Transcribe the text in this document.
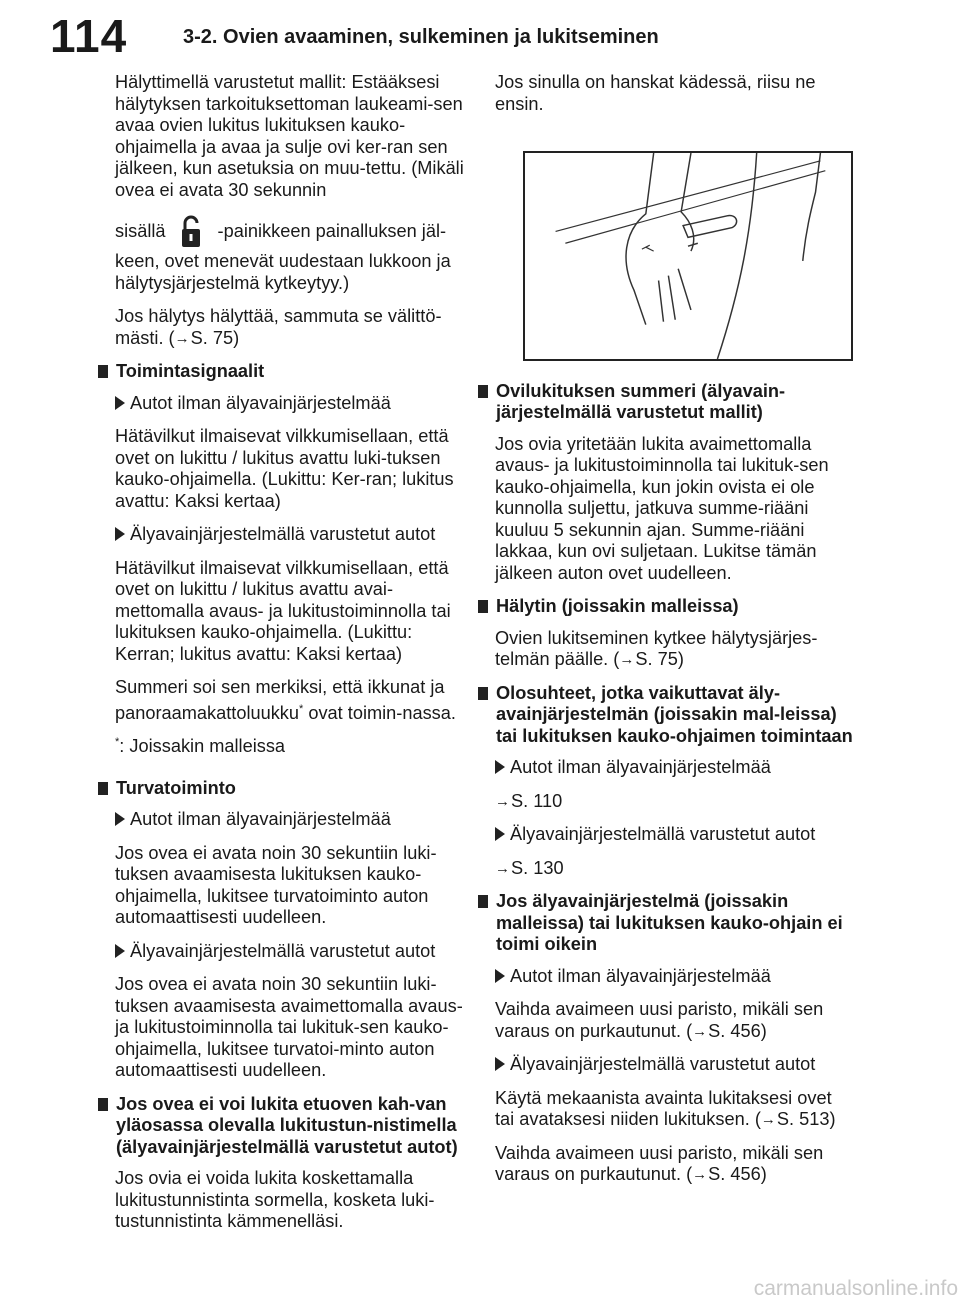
114	3-2. Ovien avaaminen, sulkeminen ja lukitseminen

Hälyttimellä varustetut mallit: Estääksesi hälytyksen tarkoituksettoman laukeami-sen avaa ovien lukitus lukituksen kauko-ohjaimella ja avaa ja sulje ovi ker-ran sen jälkeen, kun asetuksia on muu-tettu. (Mikäli ovea ei avata 30 sekunnin

sisällä	-painikkeen painalluksen jäl-keen, ovet menevät uudestaan lukkoon ja hälytysjärjestelmä kytkeytyy.)

Jos hälytys hälyttää, sammuta se välittö-mästi. (→S. 75)

Toimintasignaalit
Autot ilman älyavainjärjestelmää

Hätävilkut ilmaisevat vilkkumisellaan, että ovet on lukittu / lukitus avattu luki-tuksen kauko-ohjaimella. (Lukittu: Ker-ran; lukitus avattu: Kaksi kertaa)

Älyavainjärjestelmällä varustetut autot

Hätävilkut ilmaisevat vilkkumisellaan, että ovet on lukittu / lukitus avattu avai-mettomalla avaus- ja lukitustoiminnolla tai lukituksen kauko-ohjaimella. (Lukittu: Kerran; lukitus avattu: Kaksi kertaa)

Summeri soi sen merkiksi, että ikkunat ja panoraamakattoluukku* ovat toimin-nassa.

*: Joissakin malleissa

Turvatoiminto
Autot ilman älyavainjärjestelmää

Jos ovea ei avata noin 30 sekuntiin luki-tuksen avaamisesta lukituksen kauko-ohjaimella, lukitsee turvatoiminto auton automaattisesti uudelleen.

Älyavainjärjestelmällä varustetut autot

Jos ovea ei avata noin 30 sekuntiin luki-tuksen avaamisesta avaimettomalla avaus- ja lukitustoiminnolla tai lukituk-sen kauko-ohjaimella, lukitsee turvatoi-minto auton automaattisesti uudelleen.

Jos ovea ei voi lukita etuoven kah-van yläosassa olevalla lukitustun-nistimella (älyavainjärjestelmällä varustetut autot)

Jos ovia ei voida lukita koskettamalla lukitustunnistinta sormella, kosketa luki-tustunnistinta kämmenelläsi.

Jos sinulla on hanskat kädessä, riisu ne ensin.

Ovilukituksen summeri (älyavain-järjestelmällä varustetut mallit)

Jos ovia yritetään lukita avaimettomalla avaus- ja lukitustoiminnolla tai lukituk-sen kauko-ohjaimella, kun jokin ovista ei ole kunnolla suljettu, jatkuva summe-riääni kuuluu 5 sekunnin ajan. Summe-riääni lakkaa, kun ovi suljetaan. Lukitse tämän jälkeen auton ovet uudelleen.

Hälytin (joissakin malleissa)

Ovien lukitseminen kytkee hälytysjärjes-telmän päälle. (→S. 75)

Olosuhteet, jotka vaikuttavat äly-avainjärjestelmän (joissakin mal-leissa) tai lukituksen kauko-ohjaimen toimintaan
Autot ilman älyavainjärjestelmää

→S. 110

Älyavainjärjestelmällä varustetut autot

→S. 130

Jos älyavainjärjestelmä (joissakin malleissa) tai lukituksen kauko-ohjain ei toimi oikein
Autot ilman älyavainjärjestelmää

Vaihda avaimeen uusi paristo, mikäli sen varaus on purkautunut. (→S. 456)

Älyavainjärjestelmällä varustetut autot

Käytä mekaanista avainta lukitaksesi ovet tai avataksesi niiden lukituksen. (→S. 513)

Vaihda avaimeen uusi paristo, mikäli sen varaus on purkautunut. (→S. 456)

carmanualsonline.info
